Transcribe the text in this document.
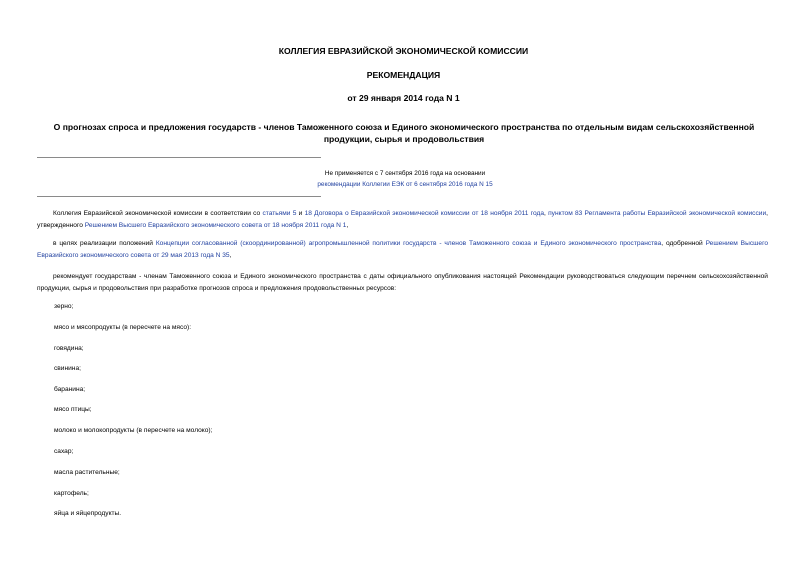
КОЛЛЕГИЯ ЕВРАЗИЙСКОЙ ЭКОНОМИЧЕСКОЙ КОМИССИИ
РЕКОМЕНДАЦИЯ
от 29 января 2014 года N 1
О прогнозах спроса и предложения государств - членов Таможенного союза и Единого экономического пространства по отдельным видам сельскохозяйственной продукции, сырья и продовольствия
Не применяется с 7 сентября 2016 года на основании
рекомендации Коллегии ЕЭК от 6 сентября 2016 года N 15
Коллегия Евразийской экономической комиссии в соответствии со статьями 5 и 18 Договора о Евразийской экономической комиссии от 18 ноября 2011 года, пунктом 83 Регламента работы Евразийской экономической комиссии, утвержденного Решением Высшего Евразийского экономического совета от 18 ноября 2011 года N 1,
в целях реализации положений Концепции согласованной (скоординированной) агропромышленной политики государств - членов Таможенного союза и Единого экономического пространства, одобренной Решением Высшего Евразийского экономического совета от 29 мая 2013 года N 35,
рекомендует государствам - членам Таможенного союза и Единого экономического пространства с даты официального опубликования настоящей Рекомендации руководствоваться следующим перечнем сельскохозяйственной продукции, сырья и продовольствия при разработке прогнозов спроса и предложения продовольственных ресурсов:
зерно;
мясо и мясопродукты (в пересчете на мясо):
говядина;
свинина;
баранина;
мясо птицы;
молоко и молокопродукты (в пересчете на молоко);
сахар;
масла растительные;
картофель;
яйца и яйцепродукты.
